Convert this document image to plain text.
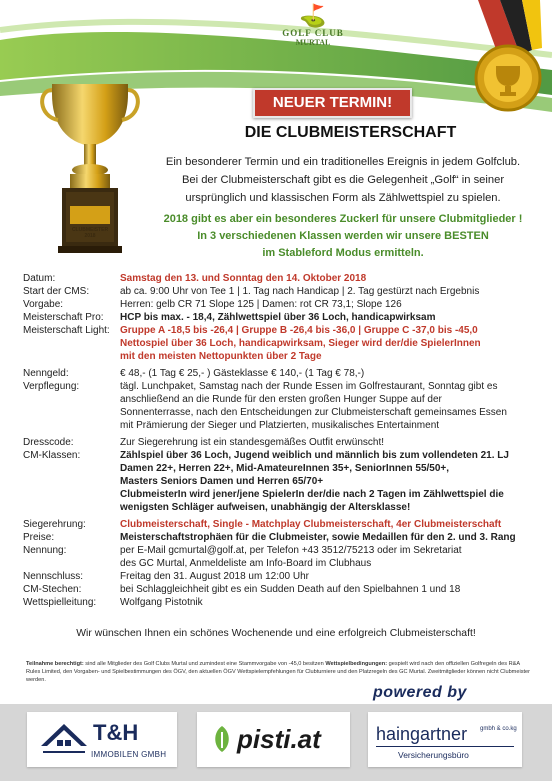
⛳
GOLF CLUB
MURTAL
CLUBMEISTER
2018
NEUER TERMIN!
DIE CLUBMEISTERSCHAFT
Ein besonderer Termin und ein traditionelles Ereignis in jedem Golfclub.
Bei der Clubmeisterschaft gibt es die Gelegenheit „Golf“ in seiner
ursprünglich und klassischen Form als Zählwettspiel zu spielen.
2018 gibt es aber ein besonderes Zuckerl für unsere Clubmitglieder !
In 3 verschiedenen Klassen werden wir unsere BESTEN
im Stableford Modus ermitteln.
Datum:	Samstag den 13. und Sonntag den 14. Oktober 2018
Start der CMS:	ab ca. 9:00 Uhr von Tee 1 | 1. Tag nach Handicap | 2. Tag gestürzt nach Ergebnis
Vorgabe:	Herren: gelb CR 71 Slope 125 | Damen: rot CR 73,1; Slope 126
Meisterschaft Pro:	HCP bis max. - 18,4, Zählwettspiel über 36 Loch, handicapwirksam
Meisterschaft Light:	Gruppe A -18,5 bis -26,4 | Gruppe B -26,4 bis -36,0 | Gruppe C -37,0 bis -45,0
Nettospiel über 36 Loch, handicapwirksam, Sieger wird der/die SpielerInnen
mit den meisten Nettopunkten über 2 Tage
Nenngeld:	€ 48,- (1 Tag € 25,- ) Gästeklasse € 140,- (1 Tag € 78,-)
Verpflegung:	tägl. Lunchpaket, Samstag nach der Runde Essen im Golfrestaurant, Sonntag gibt es
anschließend an die Runde für den ersten großen Hunger Suppe auf der
Sonnenterrasse, nach den Entscheidungen zur Clubmeisterschaft gemeinsames Essen
mit Prämierung der Sieger und Platzierten, musikalisches Entertainment
Dresscode:	Zur Siegerehrung ist ein standesgemäßes Outfit erwünscht!
CM-Klassen:	Zählspiel über 36 Loch, Jugend weiblich und männlich bis zum vollendeten 21. LJ
Damen 22+, Herren 22+, Mid-AmateureInnen 35+, SeniorInnen 55/50+,
Masters Seniors Damen und Herren 65/70+
ClubmeisterIn wird jener/jene SpielerIn der/die nach 2 Tagen im Zählwettspiel die
wenigsten Schläger aufweisen, unabhängig der Altersklasse!
Siegerehrung:	Clubmeisterschaft, Single - Matchplay Clubmeisterschaft, 4er Clubmeisterschaft
Preise:	Meisterschaftstrophäen für die Clubmeister, sowie Medaillen für den 2. und 3. Rang
Nennung:	per E-Mail gcmurtal@golf.at, per Telefon +43 3512/75213 oder im Sekretariat
des GC Murtal, Anmeldeliste am Info-Board im Clubhaus
Nennschluss:	Freitag den 31. August 2018 um 12:00 Uhr
CM-Stechen:	bei Schlaggleichheit gibt es ein Sudden Death auf den Spielbahnen 1 und 18
Wettspielleitung:	Wolfgang Pistotnik
Wir wünschen Ihnen ein schönes Wochenende und eine erfolgreich Clubmeisterschaft!
Teilnahme berechtigt: sind alle Mitglieder des Golf Clubs Murtal und zumindest eine Stammvorgabe von -45,0 besitzen Wettspielbedingungen: gespielt wird nach den offiziellen Golfregeln des R&A Rules Limited, den Vorgaben- und Spielbestimmungen des ÖGV, den aktuellen ÖGV Wettspielempfehlungen für Clubturniere und den Platzregeln des GC Murtal. Zweitmitglieder können nicht Clubmeister werden.
powered by
T&H
IMMOBILEN GMBH
pisti.at	haingartner gmbh & co.kg
Versicherungsbüro
